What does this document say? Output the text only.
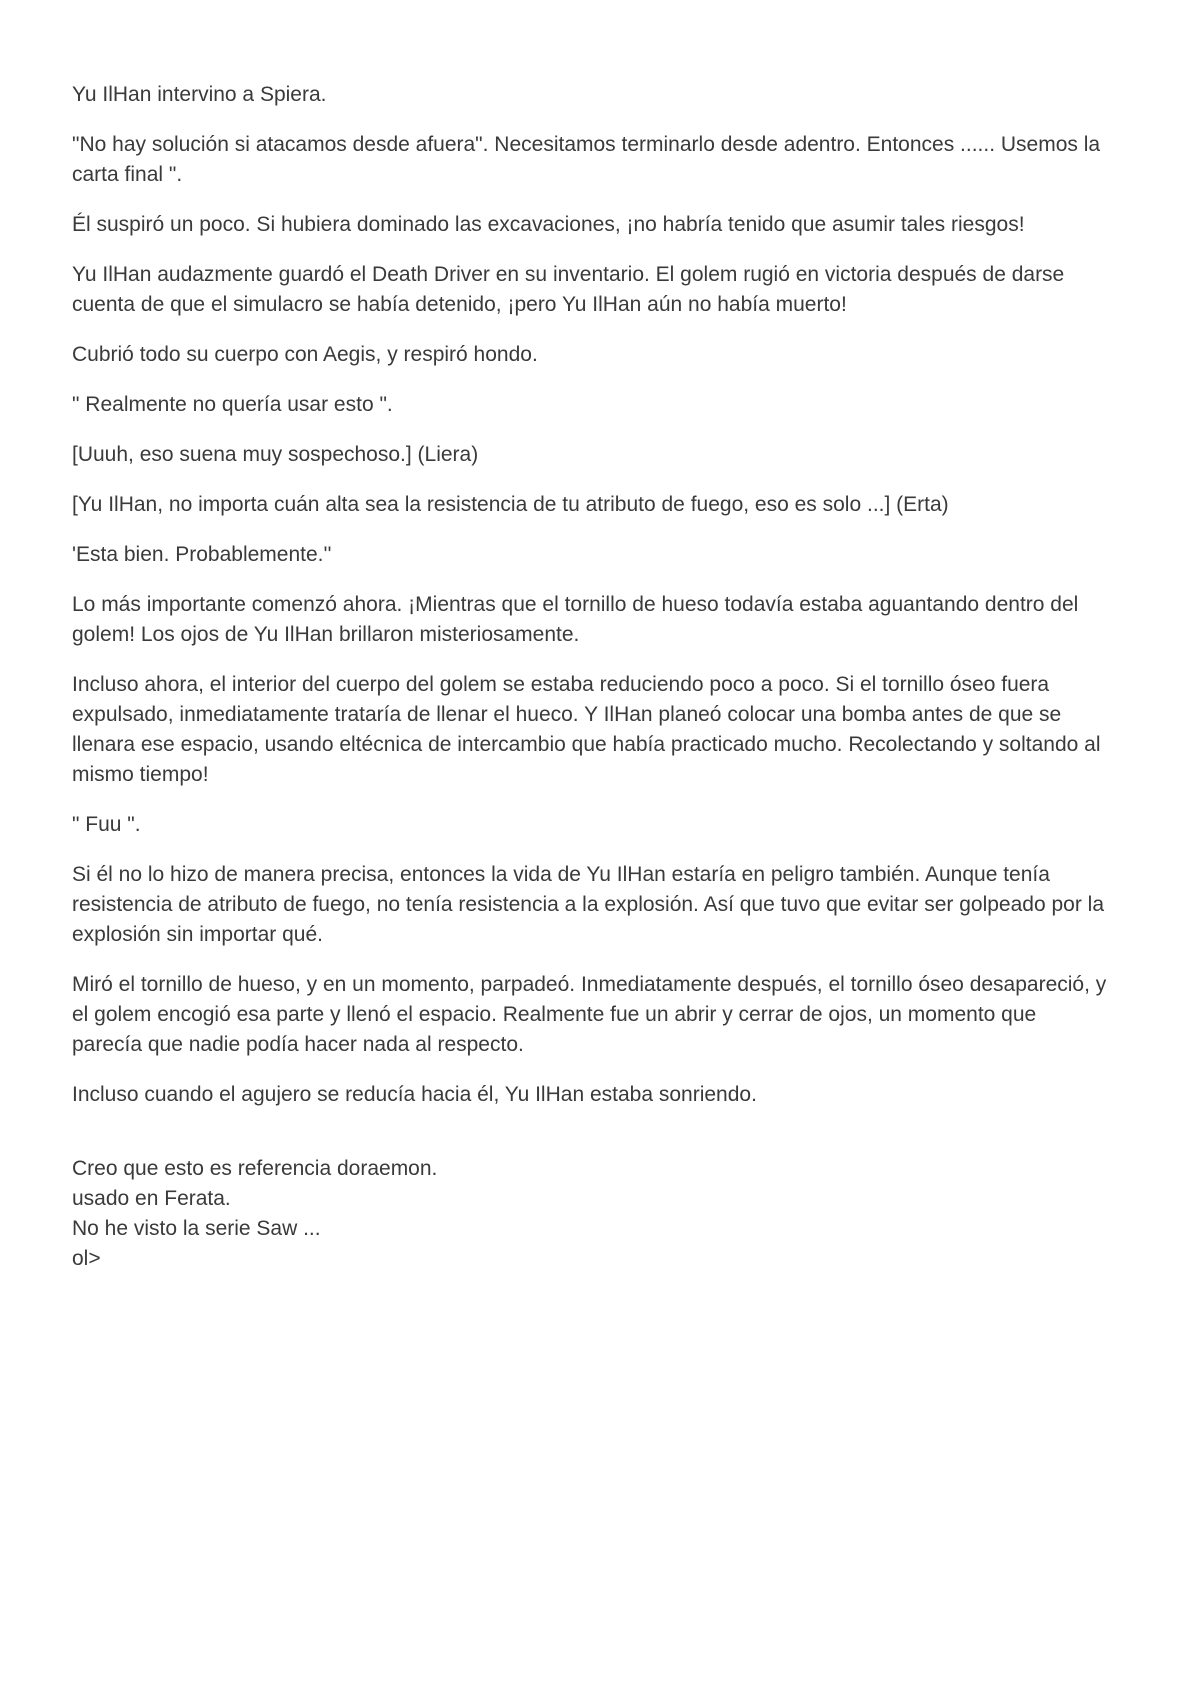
Yu IlHan intervino a Spiera.

"No hay solución si atacamos desde afuera". Necesitamos terminarlo desde adentro. Entonces ...... Usemos la carta final ".

Él suspiró un poco. Si hubiera dominado las excavaciones, ¡no habría tenido que asumir tales riesgos!

Yu IlHan audazmente guardó el Death Driver en su inventario. El golem rugió en victoria después de darse cuenta de que el simulacro se había detenido, ¡pero Yu IlHan aún no había muerto!

Cubrió todo su cuerpo con Aegis, y respiró hondo.

" Realmente no quería usar esto ".

[Uuuh, eso suena muy sospechoso.] (Liera)

[Yu IlHan, no importa cuán alta sea la resistencia de tu atributo de fuego, eso es solo ...] (Erta)

'Esta bien. Probablemente.''

Lo más importante comenzó ahora. ¡Mientras que el tornillo de hueso todavía estaba aguantando dentro del golem! Los ojos de Yu IlHan brillaron misteriosamente.

Incluso ahora, el interior del cuerpo del golem se estaba reduciendo poco a poco. Si el tornillo óseo fuera expulsado, inmediatamente trataría de llenar el hueco. Y IlHan planeó colocar una bomba antes de que se llenara ese espacio, usando eltécnica de intercambio que había practicado mucho. Recolectando y soltando al mismo tiempo!

" Fuu ".

Si él no lo hizo de manera precisa, entonces la vida de Yu IlHan estaría en peligro también. Aunque tenía resistencia de atributo de fuego, no tenía resistencia a la explosión. Así que tuvo que evitar ser golpeado por la explosión sin importar qué.

Miró el tornillo de hueso, y en un momento, parpadeó. Inmediatamente después, el tornillo óseo desapareció, y el golem encogió esa parte y llenó el espacio. Realmente fue un abrir y cerrar de ojos, un momento que parecía que nadie podía hacer nada al respecto.

Incluso cuando el agujero se reducía hacia él, Yu IlHan estaba sonriendo.

Creo que esto es referencia doraemon.
usado en Ferata.
No he visto la serie Saw ...
ol>
